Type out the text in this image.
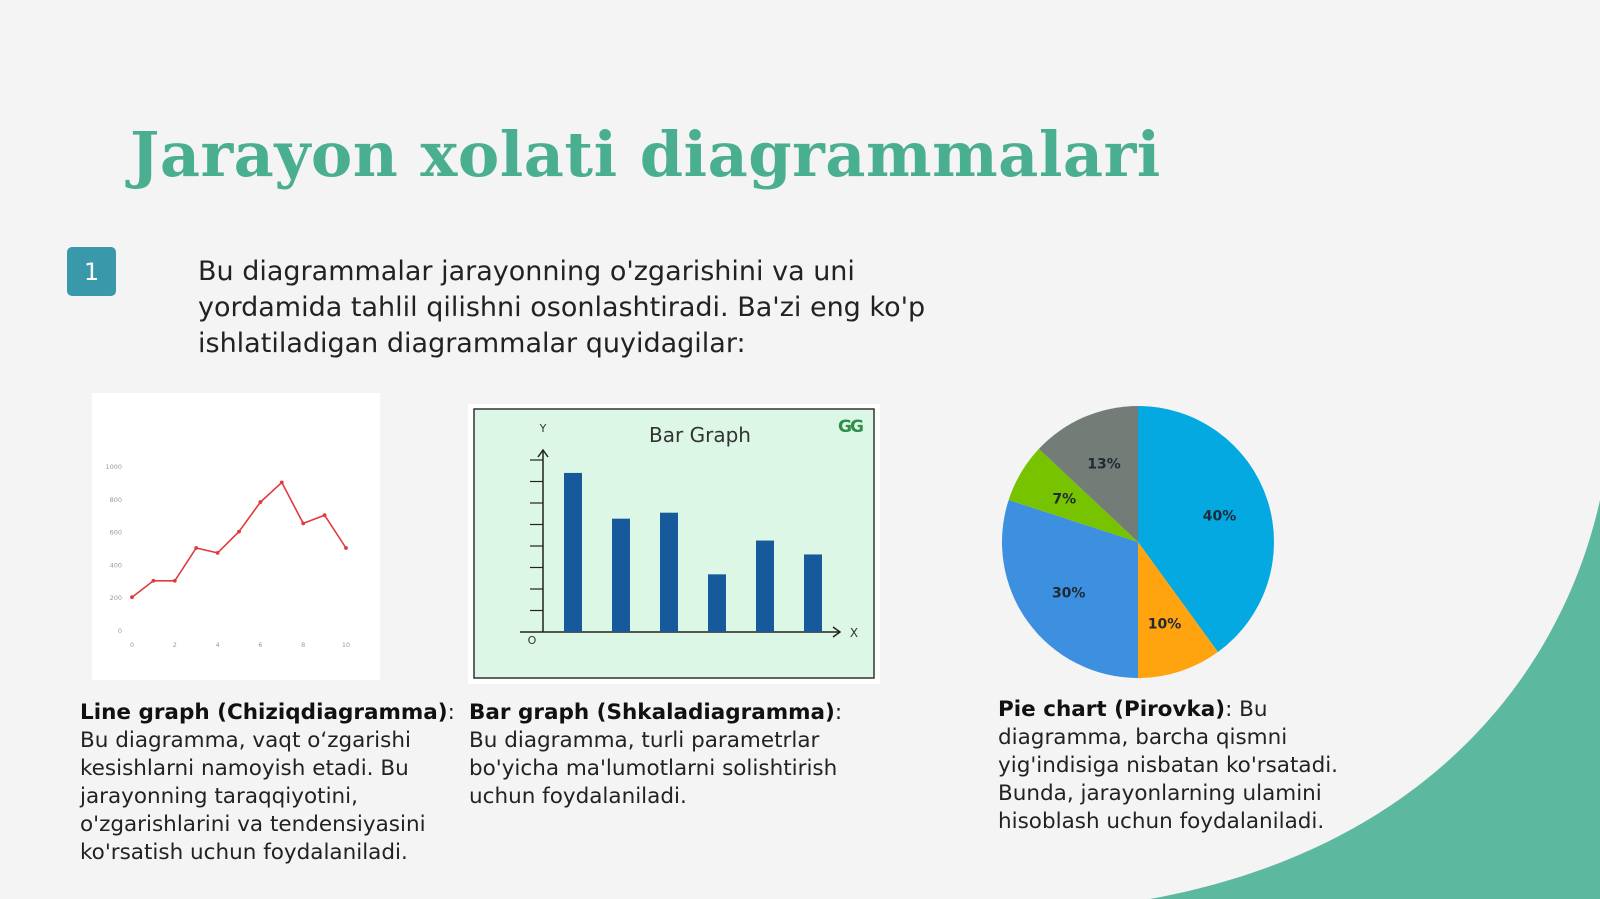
Jarayon xolati diagrammalari
1	Bu diagrammalar jarayonning o'zgarishini va uni yordamida tahlil qilishni osonlashtiradi. Ba'zi eng ko'p ishlatiladigan diagrammalar quyidagilar:

0
200
400
600
800
1000
0	2	4	6	8	10
Bar Graph	GG
Y
X
O
40%
10%
30%
7%
13%

Line graph (Chiziqdiagramma): Bu diagramma, vaqt o‘zgarishi kesishlarni namoyish etadi. Bu jarayonning taraqqiyotini, o'zgarishlarini va tendensiyasini ko'rsatish uchun foydalaniladi.

Bar graph (Shkaladiagramma): Bu diagramma, turli parametrlar bo'yicha ma'lumotlarni solishtirish uchun foydalaniladi.

Pie chart (Pirovka): Bu diagramma, barcha qismni yig'indisiga nisbatan ko'rsatadi. Bunda, jarayonlarning ulamini hisoblash uchun foydalaniladi.
